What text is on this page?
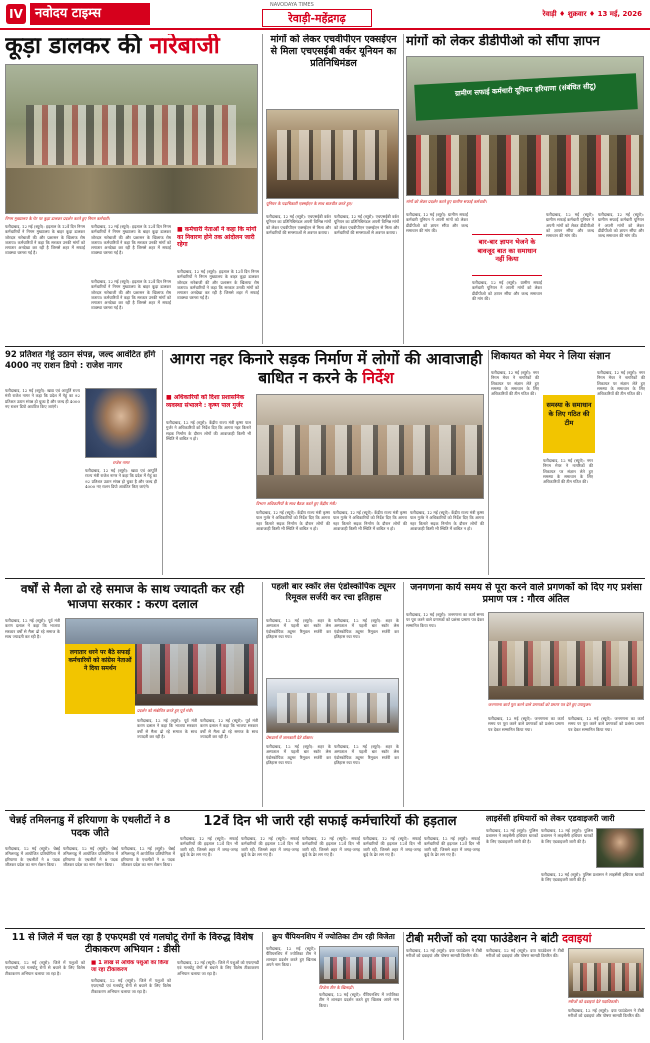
IV नवोदय टाइम्स
NAVODAYA TIMES
रेवाड़ी-महेंद्रगढ़	रेवाड़ी ♦ शुक्रवार ♦ 13 मई, 2026
कूड़ा डालकर की नारेबाजी
निगम मुख्यालय के गेट पर कूड़ा डालकर प्रदर्शन करते हुए निगम कर्मचारी।
फरीदाबाद, 12 मई (ब्यूरो): हड़ताल के 12वें दिन निगम कर्मचारियों ने निगम मुख्यालय के बाहर कूड़ा डालकर जोरदार नारेबाजी की और प्रशासन के खिलाफ रोष जताया। कर्मचारियों ने कहा कि सरकार उनकी मांगों को लगातार अनदेखा कर रही है जिससे शहर में सफाई व्यवस्था चरमरा गई है।
फरीदाबाद, 12 मई (ब्यूरो): हड़ताल के 12वें दिन निगम कर्मचारियों ने निगम मुख्यालय के बाहर कूड़ा डालकर जोरदार नारेबाजी की और प्रशासन के खिलाफ रोष जताया। कर्मचारियों ने कहा कि सरकार उनकी मांगों को लगातार अनदेखा कर रही है जिससे शहर में सफाई व्यवस्था चरमरा गई है।
■ कर्मचारी नेताओं ने कहा कि मांगों का निवारण होने तक आंदोलन जारी रहेगा
फरीदाबाद, 12 मई (ब्यूरो): हड़ताल के 12वें दिन निगम कर्मचारियों ने निगम मुख्यालय के बाहर कूड़ा डालकर जोरदार नारेबाजी की और प्रशासन के खिलाफ रोष जताया। कर्मचारियों ने कहा कि सरकार उनकी मांगों को लगातार अनदेखा कर रही है जिससे शहर में सफाई व्यवस्था चरमरा गई है।
फरीदाबाद, 12 मई (ब्यूरो): हड़ताल के 12वें दिन निगम कर्मचारियों ने निगम मुख्यालय के बाहर कूड़ा डालकर जोरदार नारेबाजी की और प्रशासन के खिलाफ रोष जताया। कर्मचारियों ने कहा कि सरकार उनकी मांगों को लगातार अनदेखा कर रही है जिससे शहर में सफाई व्यवस्था चरमरा गई है।
मांगों को लेकर एचवीपीएन एक्सईएन से मिला एचएसईबी वर्कर यूनियन का प्रतिनिधिमंडल
यूनियन के पदाधिकारी एक्सईएन के साथ बातचीत करते हुए।
फरीदाबाद, 12 मई (ब्यूरो): एचएसईबी वर्कर यूनियन का प्रतिनिधिमंडल अपनी विभिन्न मांगों को लेकर एचवीपीएन एक्सईएन से मिला और कर्मचारियों की समस्याओं से अवगत कराया।
फरीदाबाद, 12 मई (ब्यूरो): एचएसईबी वर्कर यूनियन का प्रतिनिधिमंडल अपनी विभिन्न मांगों को लेकर एचवीपीएन एक्सईएन से मिला और कर्मचारियों की समस्याओं से अवगत कराया।
मांगों को लेकर डीडीपीओ को सौंपा ज्ञापन
ग्रामीण सफाई कर्मचारी यूनियन हरियाणा (संबंधित सीटू)
मांगों को लेकर प्रदर्शन करते हुए ग्रामीण सफाई कर्मचारी।
फरीदाबाद, 12 मई (ब्यूरो): ग्रामीण सफाई कर्मचारी यूनियन ने अपनी मांगों को लेकर डीडीपीओ को ज्ञापन सौंपा और जल्द समाधान की मांग की।
बार-बार ज्ञापन भेजने के बावजूद बात का समाधान नहीं किया
फरीदाबाद, 12 मई (ब्यूरो): ग्रामीण सफाई कर्मचारी यूनियन ने अपनी मांगों को लेकर डीडीपीओ को ज्ञापन सौंपा और जल्द समाधान की मांग की।
फरीदाबाद, 12 मई (ब्यूरो): ग्रामीण सफाई कर्मचारी यूनियन ने अपनी मांगों को लेकर डीडीपीओ को ज्ञापन सौंपा और जल्द समाधान की मांग की।
फरीदाबाद, 12 मई (ब्यूरो): ग्रामीण सफाई कर्मचारी यूनियन ने अपनी मांगों को लेकर डीडीपीओ को ज्ञापन सौंपा और जल्द समाधान की मांग की।
92 प्रतिशत गेहूं उठान संपन्न, जल्द आवंटित होंगे 4000 नए राशन डिपो : राजेश नागर
फरीदाबाद, 12 मई (ब्यूरो): खाद्य एवं आपूर्ति राज्य मंत्री राजेश नागर ने कहा कि प्रदेश में गेहूं का 92 प्रतिशत उठान संपन्न हो चुका है और जल्द ही 4000 नए राशन डिपो आवंटित किए जाएंगे।
राजेश नागर
फरीदाबाद, 12 मई (ब्यूरो): खाद्य एवं आपूर्ति राज्य मंत्री राजेश नागर ने कहा कि प्रदेश में गेहूं का 92 प्रतिशत उठान संपन्न हो चुका है और जल्द ही 4000 नए राशन डिपो आवंटित किए जाएंगे।
आगरा नहर किनारे सड़क निर्माण में लोगों की आवाजाही बाधित न करने के निर्देश
■ अधिकारियों को दिशा प्रशासनिक व्यवस्था संभालने : कृष्ण पाल गुर्जर
फरीदाबाद, 12 मई (ब्यूरो): केंद्रीय राज्य मंत्री कृष्ण पाल गुर्जर ने अधिकारियों को निर्देश दिए कि आगरा नहर किनारे सड़क निर्माण के दौरान लोगों की आवाजाही किसी भी स्थिति में बाधित न हो।
विभाग अधिकारियों के साथ बैठक करते हुए केंद्रीय मंत्री।
फरीदाबाद, 12 मई (ब्यूरो): केंद्रीय राज्य मंत्री कृष्ण पाल गुर्जर ने अधिकारियों को निर्देश दिए कि आगरा नहर किनारे सड़क निर्माण के दौरान लोगों की आवाजाही किसी भी स्थिति में बाधित न हो।
फरीदाबाद, 12 मई (ब्यूरो): केंद्रीय राज्य मंत्री कृष्ण पाल गुर्जर ने अधिकारियों को निर्देश दिए कि आगरा नहर किनारे सड़क निर्माण के दौरान लोगों की आवाजाही किसी भी स्थिति में बाधित न हो।
फरीदाबाद, 12 मई (ब्यूरो): केंद्रीय राज्य मंत्री कृष्ण पाल गुर्जर ने अधिकारियों को निर्देश दिए कि आगरा नहर किनारे सड़क निर्माण के दौरान लोगों की आवाजाही किसी भी स्थिति में बाधित न हो।
शिकायत को मेयर ने लिया संज्ञान
फरीदाबाद, 12 मई (ब्यूरो): नगर निगम मेयर ने नागरिकों की शिकायत पर संज्ञान लेते हुए समस्या के समाधान के लिए अधिकारियों की टीम गठित की।
समस्या के समाधान के लिए गठित की टीम
फरीदाबाद, 12 मई (ब्यूरो): नगर निगम मेयर ने नागरिकों की शिकायत पर संज्ञान लेते हुए समस्या के समाधान के लिए अधिकारियों की टीम गठित की।
फरीदाबाद, 12 मई (ब्यूरो): नगर निगम मेयर ने नागरिकों की शिकायत पर संज्ञान लेते हुए समस्या के समाधान के लिए अधिकारियों की टीम गठित की।
वर्षों से मैला ढो रहे समाज के साथ ज्यादती कर रही भाजपा सरकार : करण दलाल
फरीदाबाद, 12 मई (ब्यूरो): पूर्व मंत्री करण दलाल ने कहा कि भाजपा सरकार वर्षों से मैला ढो रहे समाज के साथ ज्यादती कर रही है।
लगातार धरने पर बैठे सफाई कर्मचारियों को कांग्रेस नेताओं ने दिया समर्थन
प्रदर्शन को संबोधित करते हुए पूर्व मंत्री।
फरीदाबाद, 12 मई (ब्यूरो): पूर्व मंत्री करण दलाल ने कहा कि भाजपा सरकार वर्षों से मैला ढो रहे समाज के साथ ज्यादती कर रही है।
फरीदाबाद, 12 मई (ब्यूरो): पूर्व मंत्री करण दलाल ने कहा कि भाजपा सरकार वर्षों से मैला ढो रहे समाज के साथ ज्यादती कर रही है।
पहली बार स्कॉर लेस एंडोस्कोपिक ट्यूमर रिमूवल सर्जरी कर रचा इतिहास
फरीदाबाद, 12 मई (ब्यूरो): शहर के अस्पताल में पहली बार स्कॉर लेस एंडोस्कोपिक ट्यूमर रिमूवल सर्जरी कर इतिहास रचा गया।
फरीदाबाद, 12 मई (ब्यूरो): शहर के अस्पताल में पहली बार स्कॉर लेस एंडोस्कोपिक ट्यूमर रिमूवल सर्जरी कर इतिहास रचा गया।
प्रेसवार्ता में जानकारी देते डॉक्टर।
फरीदाबाद, 12 मई (ब्यूरो): शहर के अस्पताल में पहली बार स्कॉर लेस एंडोस्कोपिक ट्यूमर रिमूवल सर्जरी कर इतिहास रचा गया।
फरीदाबाद, 12 मई (ब्यूरो): शहर के अस्पताल में पहली बार स्कॉर लेस एंडोस्कोपिक ट्यूमर रिमूवल सर्जरी कर इतिहास रचा गया।
जनगणना कार्य समय से पूरा करने वाले प्रगणकों को दिए गए प्रशंसा प्रमाण पत्र : गौरव अंतिल
फरीदाबाद, 12 मई (ब्यूरो): जनगणना का कार्य समय पर पूरा करने वाले प्रगणकों को प्रशंसा प्रमाण पत्र देकर सम्मानित किया गया।
जनगणना कार्य पूरा करने वाले प्रगणकों को प्रमाण पत्र देते हुए उपायुक्त।
फरीदाबाद, 12 मई (ब्यूरो): जनगणना का कार्य समय पर पूरा करने वाले प्रगणकों को प्रशंसा प्रमाण पत्र देकर सम्मानित किया गया।
फरीदाबाद, 12 मई (ब्यूरो): जनगणना का कार्य समय पर पूरा करने वाले प्रगणकों को प्रशंसा प्रमाण पत्र देकर सम्मानित किया गया।
चेन्नई तमिलनाडु में हरियाणा के एथलीटों ने 8 पदक जीते
फरीदाबाद, 12 मई (ब्यूरो): चेन्नई तमिलनाडु में आयोजित प्रतियोगिता में हरियाणा के एथलीटों ने 8 पदक जीतकर प्रदेश का नाम रोशन किया।
फरीदाबाद, 12 मई (ब्यूरो): चेन्नई तमिलनाडु में आयोजित प्रतियोगिता में हरियाणा के एथलीटों ने 8 पदक जीतकर प्रदेश का नाम रोशन किया।
फरीदाबाद, 12 मई (ब्यूरो): चेन्नई तमिलनाडु में आयोजित प्रतियोगिता में हरियाणा के एथलीटों ने 8 पदक जीतकर प्रदेश का नाम रोशन किया।
12वें दिन भी जारी रही सफाई कर्मचारियों की हड़ताल
फरीदाबाद, 12 मई (ब्यूरो): सफाई कर्मचारियों की हड़ताल 12वें दिन भी जारी रही, जिससे शहर में जगह-जगह कूड़े के ढेर लग गए हैं।
फरीदाबाद, 12 मई (ब्यूरो): सफाई कर्मचारियों की हड़ताल 12वें दिन भी जारी रही, जिससे शहर में जगह-जगह कूड़े के ढेर लग गए हैं।
फरीदाबाद, 12 मई (ब्यूरो): सफाई कर्मचारियों की हड़ताल 12वें दिन भी जारी रही, जिससे शहर में जगह-जगह कूड़े के ढेर लग गए हैं।
फरीदाबाद, 12 मई (ब्यूरो): सफाई कर्मचारियों की हड़ताल 12वें दिन भी जारी रही, जिससे शहर में जगह-जगह कूड़े के ढेर लग गए हैं।
फरीदाबाद, 12 मई (ब्यूरो): सफाई कर्मचारियों की हड़ताल 12वें दिन भी जारी रही, जिससे शहर में जगह-जगह कूड़े के ढेर लग गए हैं।
लाइसेंसी हथियारों को लेकर एडवाइजरी जारी
फरीदाबाद, 12 मई (ब्यूरो): पुलिस प्रशासन ने लाइसेंसी हथियार धारकों के लिए एडवाइजरी जारी की है।
फरीदाबाद, 12 मई (ब्यूरो): पुलिस प्रशासन ने लाइसेंसी हथियार धारकों के लिए एडवाइजरी जारी की है।
फरीदाबाद, 12 मई (ब्यूरो): पुलिस प्रशासन ने लाइसेंसी हथियार धारकों के लिए एडवाइजरी जारी की है।
11 से जिले में चल रहा है एफएमडी एवं गलघोटू रोगों के विरुद्ध विशेष टीकाकरण अभियान : डीसी
फरीदाबाद, 12 मई (ब्यूरो): जिले में पशुओं को एफएमडी एवं गलघोटू रोगों से बचाने के लिए विशेष टीकाकरण अभियान चलाया जा रहा है।
■ 1 लाख से अधिक पशुओं का किया जा रहा टीकाकरण
फरीदाबाद, 12 मई (ब्यूरो): जिले में पशुओं को एफएमडी एवं गलघोटू रोगों से बचाने के लिए विशेष टीकाकरण अभियान चलाया जा रहा है।
फरीदाबाद, 12 मई (ब्यूरो): जिले में पशुओं को एफएमडी एवं गलघोटू रोगों से बचाने के लिए विशेष टीकाकरण अभियान चलाया जा रहा है।
क्रुप चैंपियनशिप में ज्योतिका टीम रही विजेता
फरीदाबाद, 12 मई (ब्यूरो): चैंपियनशिप में ज्योतिका टीम ने शानदार प्रदर्शन करते हुए खिताब अपने नाम किया।
विजेता टीम के खिलाड़ी।
फरीदाबाद, 12 मई (ब्यूरो): चैंपियनशिप में ज्योतिका टीम ने शानदार प्रदर्शन करते हुए खिताब अपने नाम किया।
टीबी मरीजों को दया फाउंडेशन ने बांटी दवाइयां
फरीदाबाद, 12 मई (ब्यूरो): दया फाउंडेशन ने टीबी मरीजों को दवाइयां और पोषण सामग्री वितरित की।
फरीदाबाद, 12 मई (ब्यूरो): दया फाउंडेशन ने टीबी मरीजों को दवाइयां और पोषण सामग्री वितरित की।
मरीजों को दवाइयां देते पदाधिकारी।
फरीदाबाद, 12 मई (ब्यूरो): दया फाउंडेशन ने टीबी मरीजों को दवाइयां और पोषण सामग्री वितरित की।
